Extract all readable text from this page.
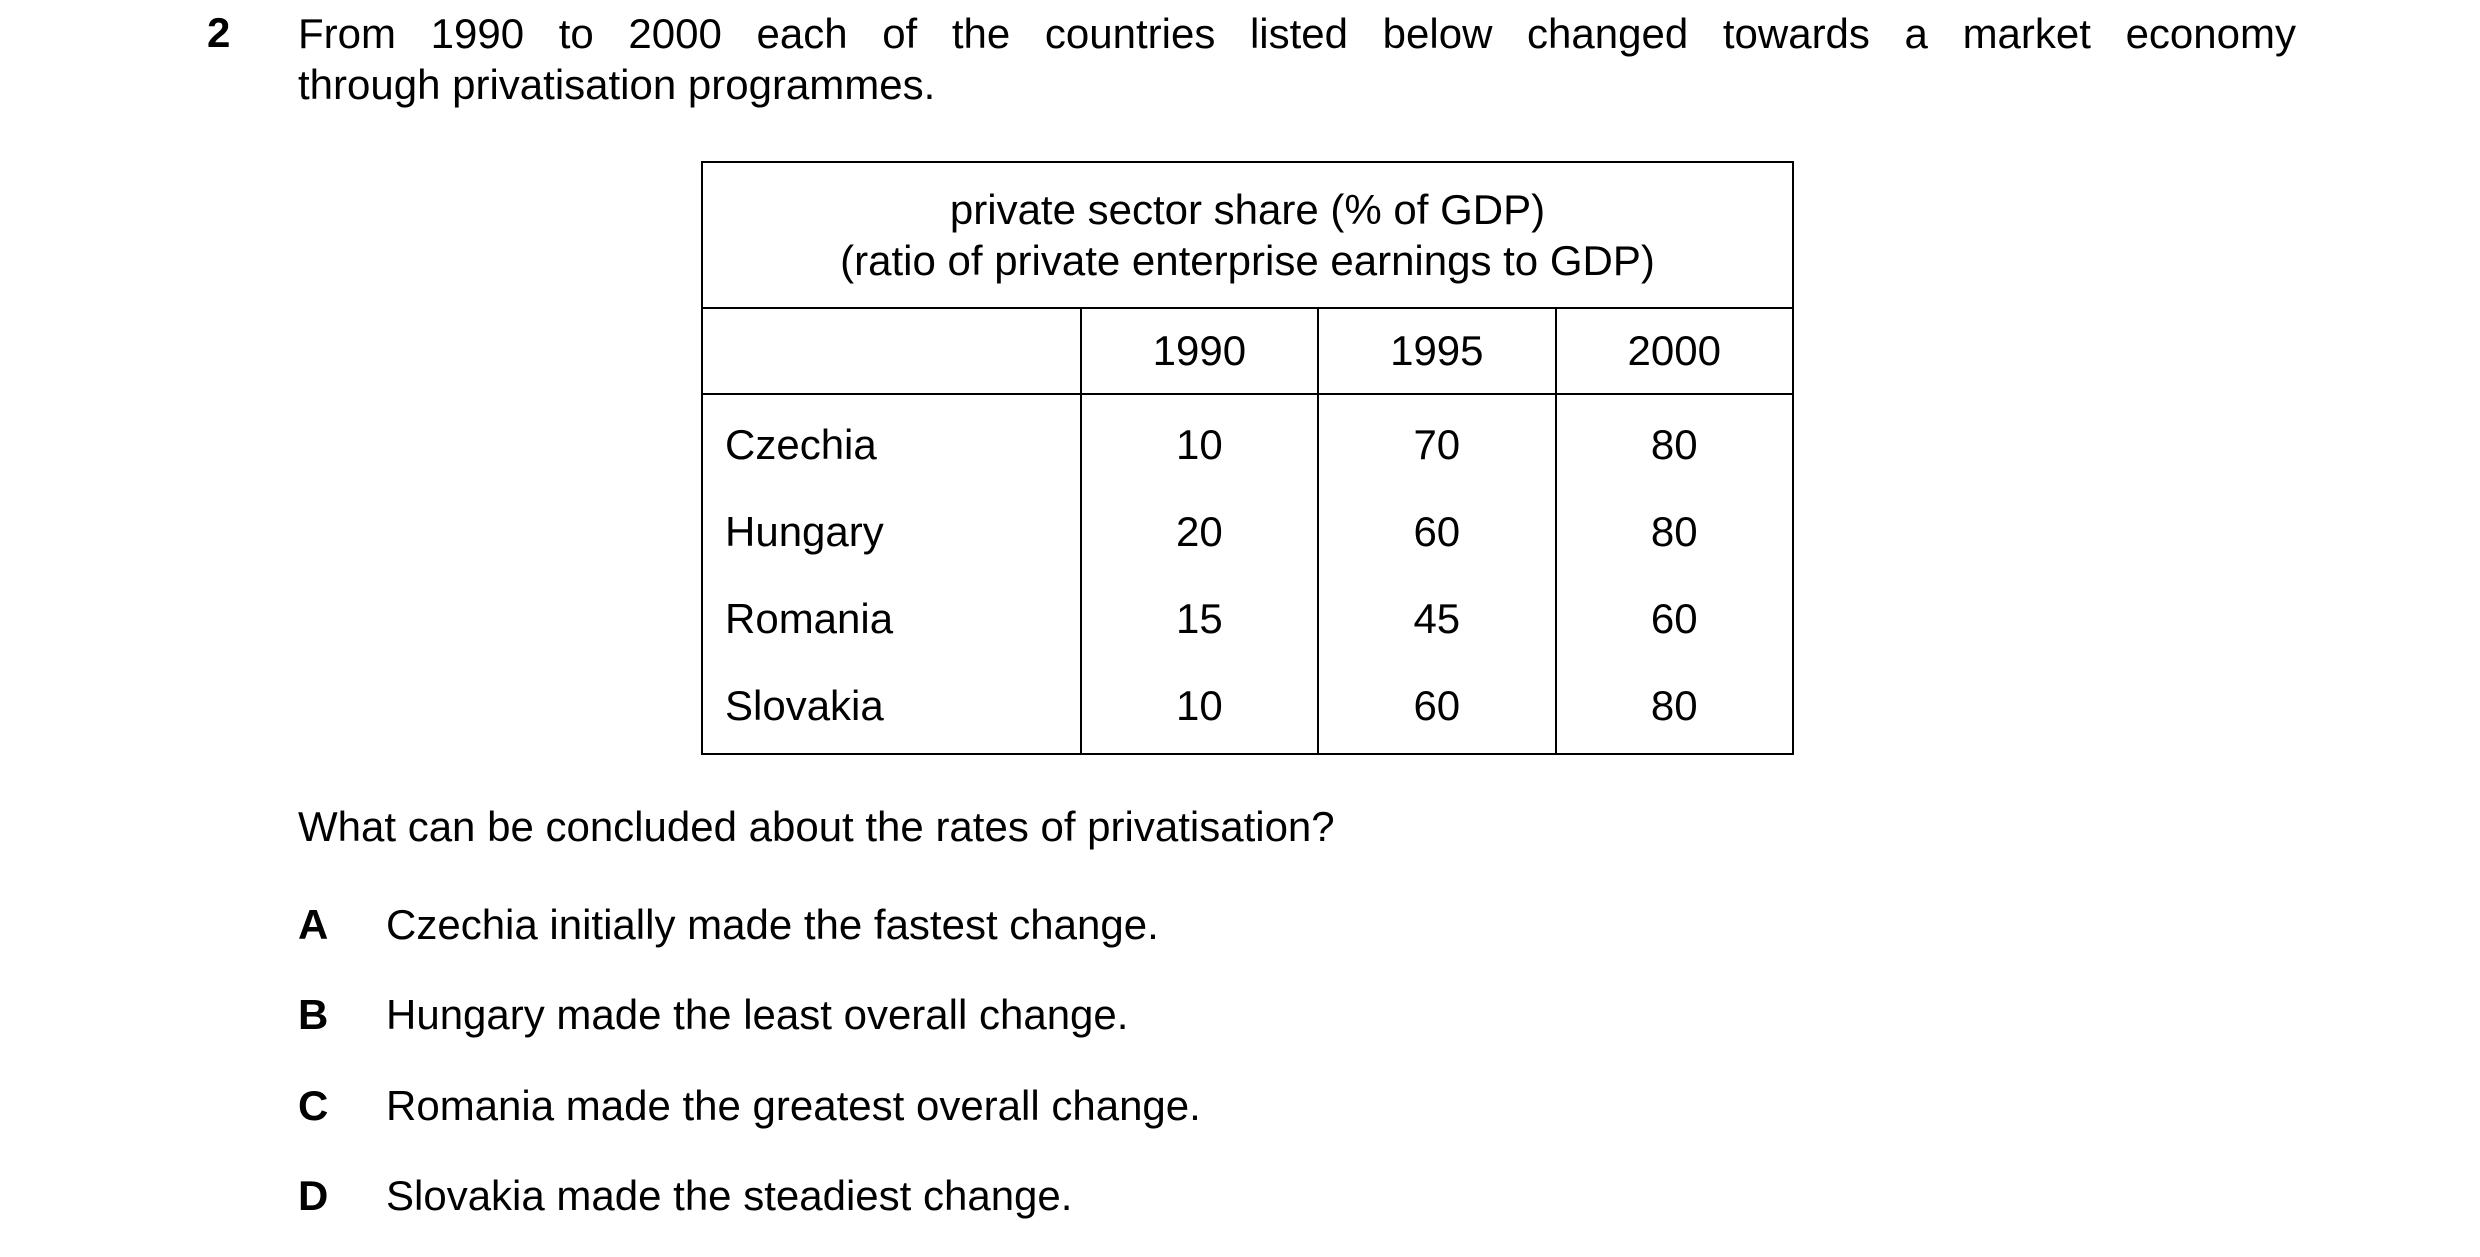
2 From 1990 to 2000 each of the countries listed below changed towards a market economy
through privatisation programmes.
private sector share (% of GDP)
(ratio of private enterprise earnings to GDP)			

	1990	1995	2000
Czechia	10	70	80
Hungary	20	60	80
Romania	15	45	60
Slovakia	10	60	80
What can be concluded about the rates of privatisation?
A Czechia initially made the fastest change.
B Hungary made the least overall change.
C Romania made the greatest overall change.
D Slovakia made the steadiest change.
